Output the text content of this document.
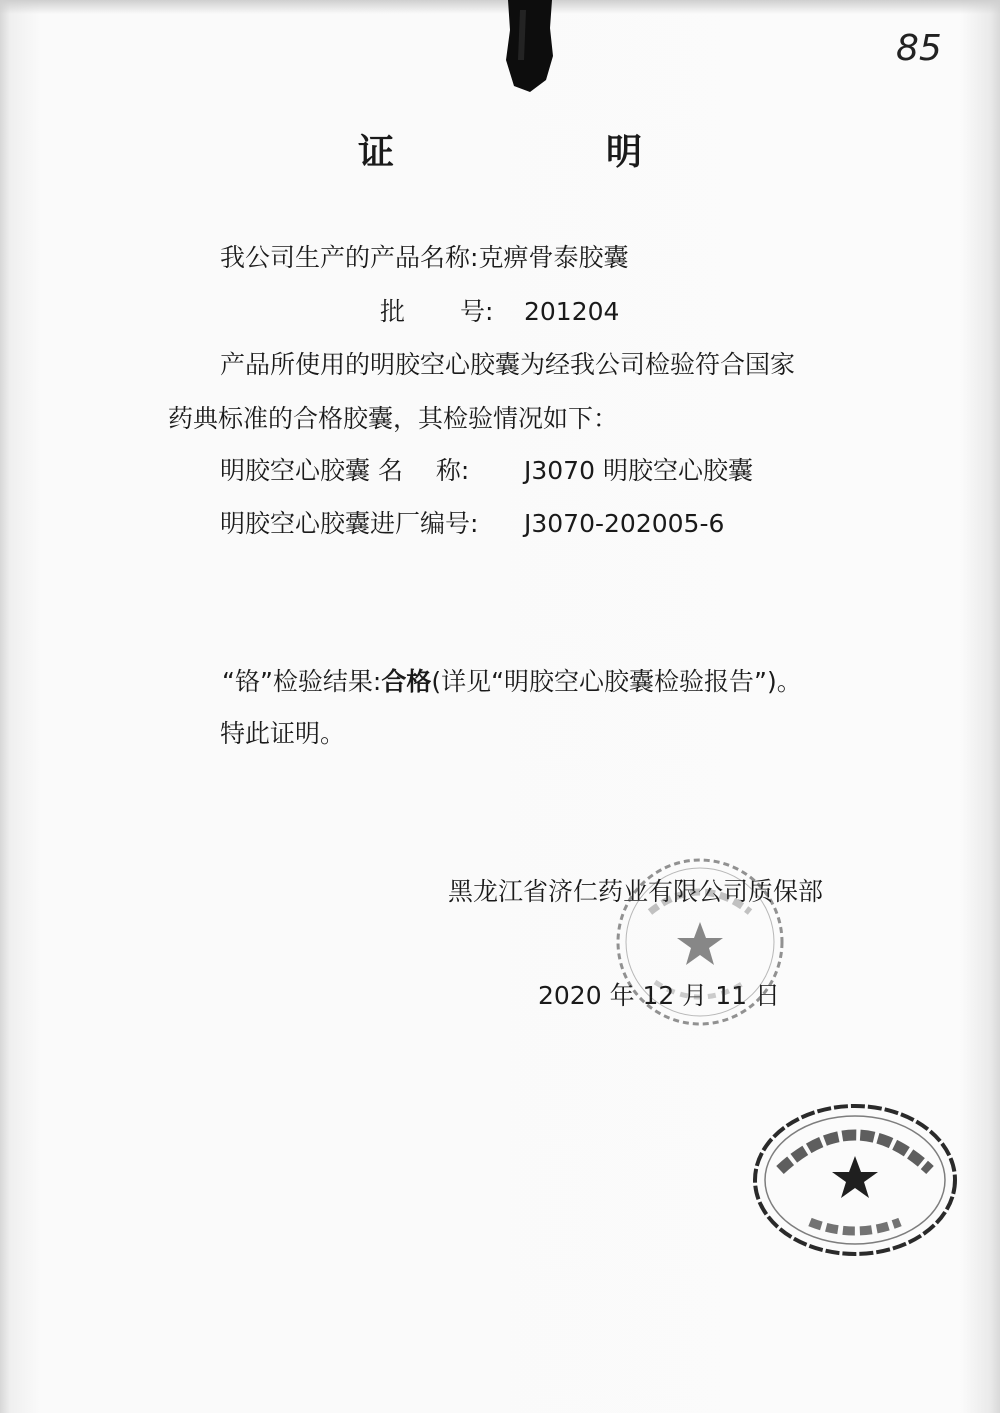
85
证　明
我公司生产的产品名称:克痹骨泰胶囊
批 号: 201204
产品所使用的明胶空心胶囊为经我公司检验符合国家
药典标准的合格胶囊，其检验情况如下：
明胶空心胶囊 名　 称: J3070 明胶空心胶囊
明胶空心胶囊进厂编号: J3070-202005-6
“铬”检验结果:合格(详见“明胶空心胶囊检验报告”)。
特此证明。
黑龙江省济仁药业有限公司质保部
2020 年 12 月 11 日
